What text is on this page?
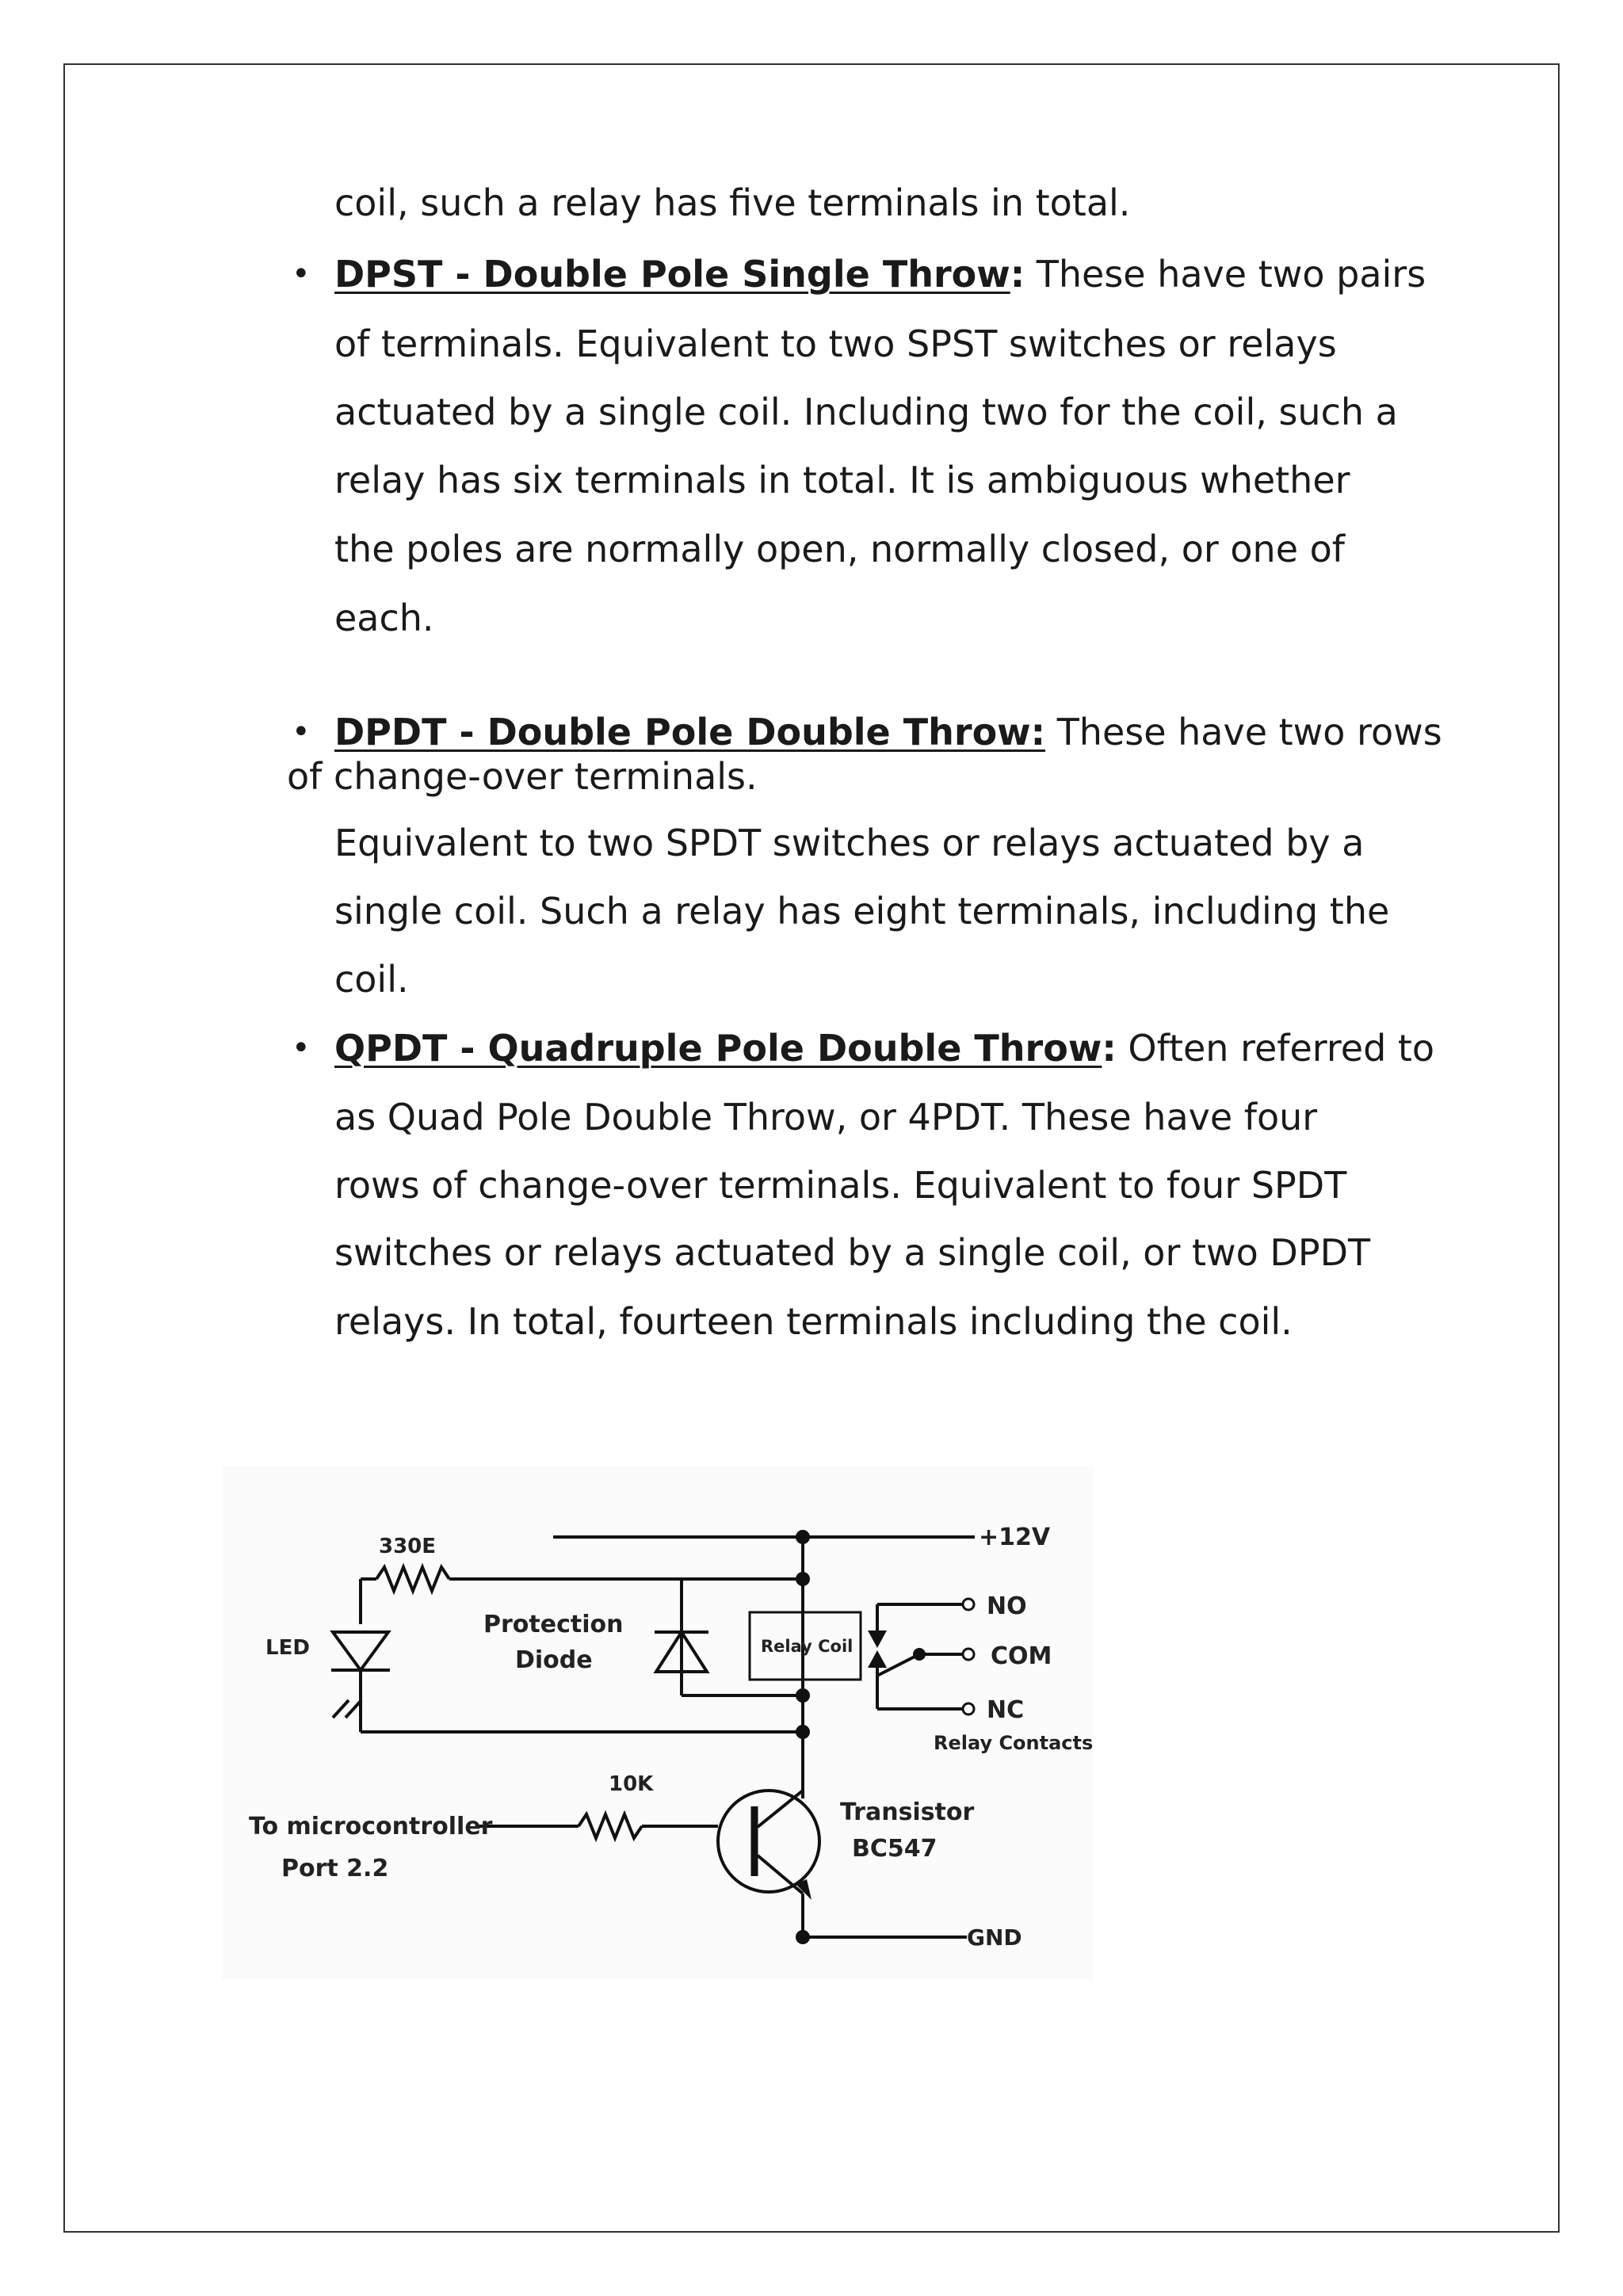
coil, such a relay has five terminals in total.
• DPST - Double Pole Single Throw: These have two pairs
of terminals. Equivalent to two SPST switches or relays
actuated by a single coil. Including two for the coil, such a
relay has six terminals in total. It is ambiguous whether
the poles are normally open, normally closed, or one of
each.
• DPDT - Double Pole Double Throw: These have two rows
of change-over terminals.
Equivalent to two SPDT switches or relays actuated by a
single coil. Such a relay has eight terminals, including the
coil.
• QPDT - Quadruple Pole Double Throw: Often referred to
as Quad Pole Double Throw, or 4PDT. These have four
rows of change-over terminals. Equivalent to four SPDT
switches or relays actuated by a single coil, or two DPDT
relays. In total, fourteen terminals including the coil.
330E	+12V
LED
Protection
Diode	Relay Coil
NO
COM
NC
Relay Contacts
10K
Transistor
BC547
To microcontroller
Port 2.2
GND
